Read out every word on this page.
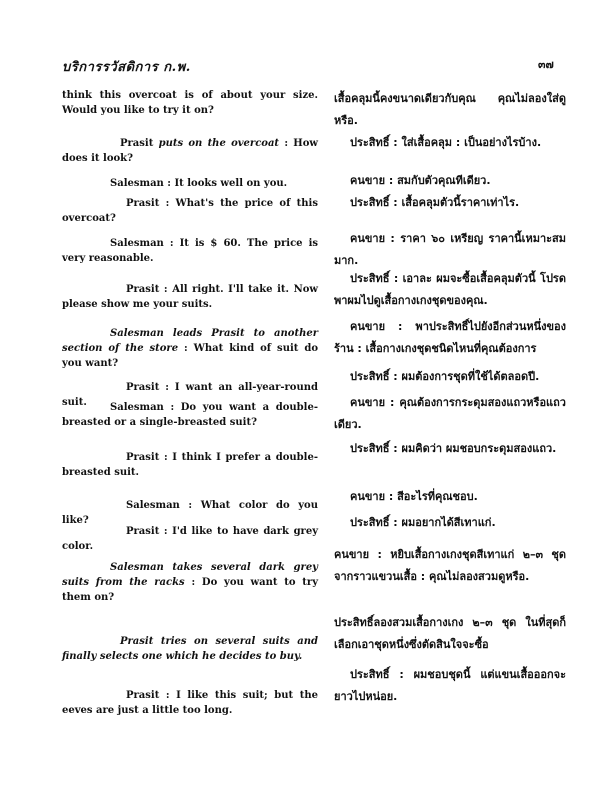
บริการรวัสดิการ ก.พ.	๓๗
think this overcoat is of about your size. Would you like to try it on?
Prasit puts on the overcoat : How does it look?
Salesman : It looks well on you.
Prasit : What's the price of this overcoat?
Salesman : It is $ 60. The price is very reasonable.
Prasit : All right. I'll take it. Now please show me your suits.
Salesman leads Prasit to another section of the store : What kind of suit do you want?
Prasit : I want an all-year-round suit.	Salesman : Do you want a double-breasted or a single-breasted suit?
Prasit : I think I prefer a double-breasted suit.
Salesman : What color do you like?
Prasit : I'd like to have dark grey color.
Salesman takes several dark grey suits from the racks : Do you want to try them on?
Prasit tries on several suits and finally selects one which he decides to buy.
Prasit : I like this suit; but the eeves are just a little too long.
เสื้อคลุมนี้คงขนาดเดียวกับคุณ คุณไม่ลองใส่ดูหรือ.
ประสิทธิ์ : ใส่เสื้อคลุม : เป็นอย่างไรบ้าง.
คนขาย : สมกับตัวคุณทีเดียว.
ประสิทธิ์ : เสื้อคลุมตัวนี้ราคาเท่าไร.
คนขาย : ราคา ๖๐ เหรียญ ราคานี้เหมาะสมมาก.
ประสิทธิ์ : เอาละ ผมจะซื้อเสื้อคลุมตัวนี้ โปรดพาผมไปดูเสื้อกางเกงชุดของคุณ.
คนขาย : พาประสิทธิ์ไปยังอีกส่วนหนึ่งของร้าน : เสื้อกางเกงชุดชนิดไหนที่คุณต้องการ
ประสิทธิ์ : ผมต้องการชุดที่ใช้ได้ตลอดปี.
คนขาย : คุณต้องการกระดุมสองแถวหรือแถวเดียว.
ประสิทธิ์ : ผมคิดว่า ผมชอบกระดุมสองแถว.
คนขาย : สีอะไรที่คุณชอบ.
ประสิทธิ์ : ผมอยากได้สีเทาแก่.
คนขาย : หยิบเสื้อกางเกงชุดสีเทาแก่ ๒–๓ ชุดจากราวแขวนเสื้อ : คุณไม่ลองสวมดูหรือ.
ประสิทธิ์ลองสวมเสื้อกางเกง ๒–๓ ชุด ในที่สุดก็เลือกเอาชุดหนึ่งซึ่งตัดสินใจจะซื้อ
ประสิทธิ์ : ผมชอบชุดนี้ แต่แขนเสื้อออกจะยาวไปหน่อย.
